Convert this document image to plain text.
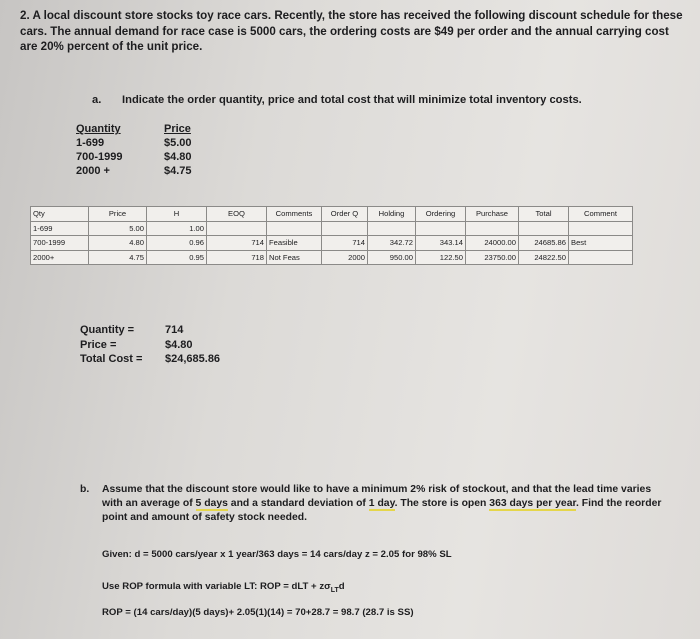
2. A local discount store stocks toy race cars. Recently, the store has received the following discount schedule for these cars. The annual demand for race case is 5000 cars, the ordering costs are $49 per order and the annual carrying cost are 20% percent of the unit price.
a. Indicate the order quantity, price and total cost that will minimize total inventory costs.
Quantity	Price
1-699	$5.00
700-1999	$4.80
2000 +	$4.75
Qty	Price	H	EOQ	Comments	Order Q	Holding	Ordering	Purchase	Total	Comment
1-699	5.00	1.00								
700-1999	4.80	0.96	714	Feasible	714	342.72	343.14	24000.00	24685.86	Best
2000+	4.75	0.95	718	Not Feas	2000	950.00	122.50	23750.00	24822.50	
Quantity =	714
Price =	$4.80
Total Cost =	$24,685.86
b. Assume that the discount store would like to have a minimum 2% risk of stockout, and that the lead time varies with an average of 5 days and a standard deviation of 1 day. The store is open 363 days per year. Find the reorder point and amount of safety stock needed.
Given: d = 5000 cars/year x 1 year/363 days = 14 cars/day z = 2.05 for 98% SL
Use ROP formula with variable LT: ROP = dLT + $z\sigma_{LT}d$
ROP = (14 cars/day)(5 days)+ 2.05(1)(14) = 70+28.7 = 98.7 (28.7 is SS)
